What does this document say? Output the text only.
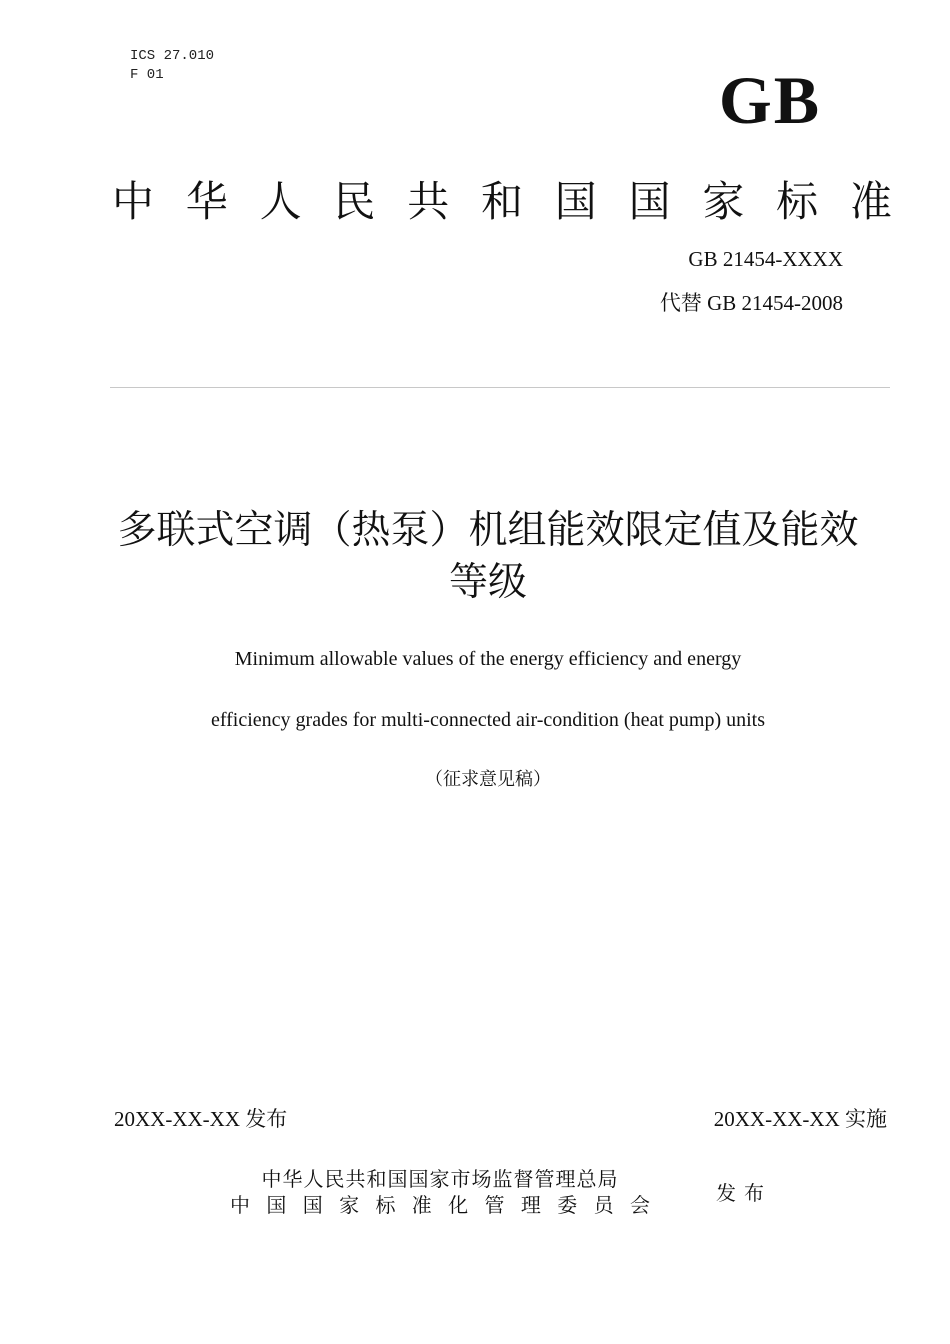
ICS 27.010
F 01	GB
中 华 人 民 共 和 国 国 家 标 准
GB 21454-XXXX
代替 GB 21454-2008
多联式空调（热泵）机组能效限定值及能效等级
Minimum allowable values of the energy efficiency and energy
efficiency grades for multi-connected air-condition (heat pump) units
（征求意见稿）
20XX-XX-XX 发布	20XX-XX-XX 实施
中华人民共和国国家市场监督管理总局
中 国 国 家 标 准 化 管 理 委 员 会	发布
